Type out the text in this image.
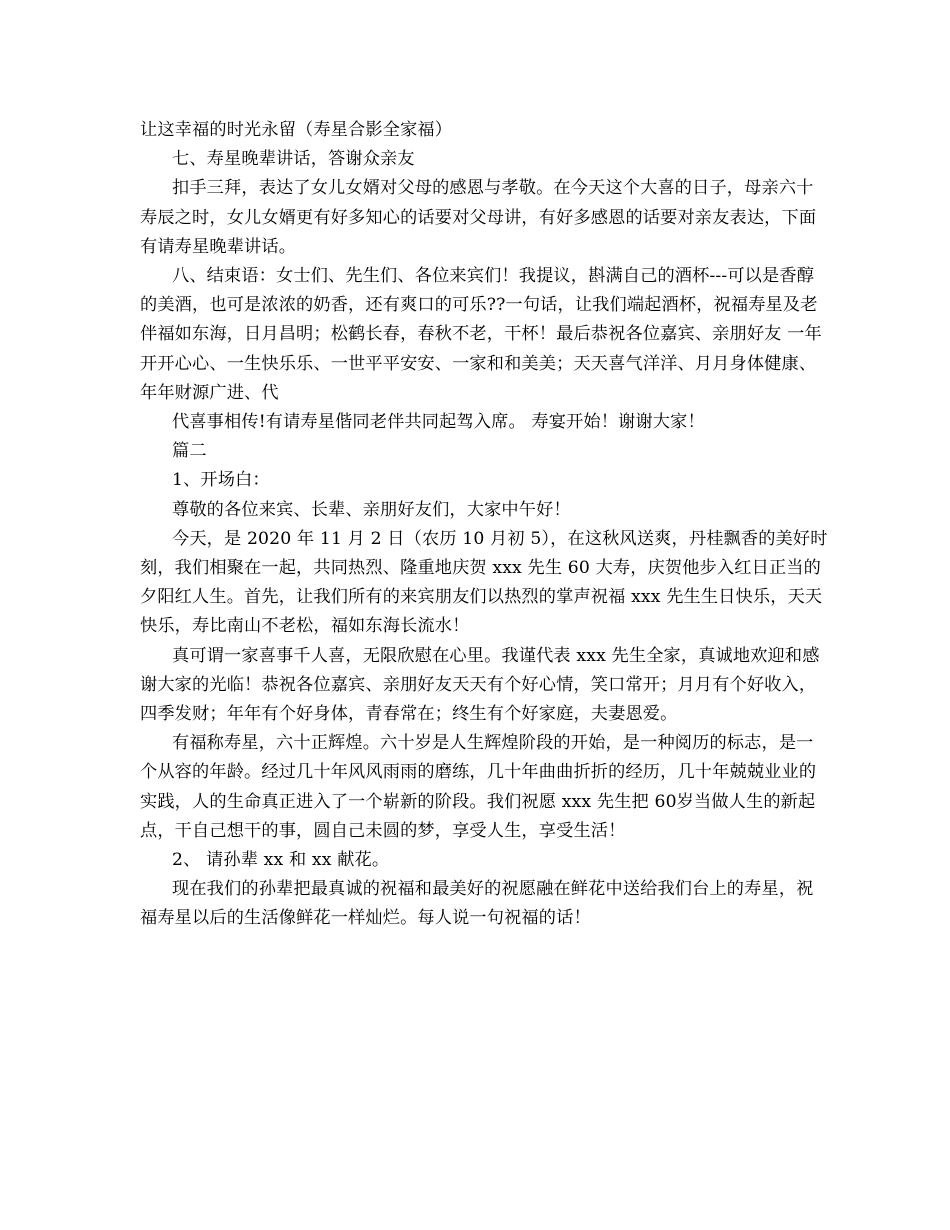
让这幸福的时光永留（寿星合影全家福）

七、寿星晚辈讲话，答谢众亲友

扣手三拜，表达了女儿女婿对父母的感恩与孝敬。在今天这个大喜的日子，母亲六十寿辰之时，女儿女婿更有好多知心的话要对父母讲，有好多感恩的话要对亲友表达，下面有请寿星晚辈讲话。

八、结束语：女士们、先生们、各位来宾们！我提议，斟满自己的酒杯---可以是香醇的美酒，也可是浓浓的奶香，还有爽口的可乐??一句话，让我们端起酒杯，祝福寿星及老伴福如东海，日月昌明；松鹤长春，春秋不老，干杯！最后恭祝各位嘉宾、亲朋好友 一年开开心心、一生快乐乐、一世平平安安、一家和和美美；天天喜气洋洋、月月身体健康、年年财源广进、代

代喜事相传!有请寿星偕同老伴共同起驾入席。 寿宴开始！谢谢大家！

篇二

1、开场白：

尊敬的各位来宾、长辈、亲朋好友们，大家中午好！

今天，是 2020 年 11 月 2 日（农历 10 月初 5），在这秋风送爽，丹桂飘香的美好时刻，我们相聚在一起，共同热烈、隆重地庆贺 xxx 先生 60 大寿，庆贺他步入红日正当的夕阳红人生。首先，让我们所有的来宾朋友们以热烈的掌声祝福 xxx 先生生日快乐，天天快乐，寿比南山不老松，福如东海长流水！

真可谓一家喜事千人喜，无限欣慰在心里。我谨代表 xxx 先生全家，真诚地欢迎和感谢大家的光临！恭祝各位嘉宾、亲朋好友天天有个好心情，笑口常开；月月有个好收入，四季发财；年年有个好身体，青春常在；终生有个好家庭，夫妻恩爱。

有福称寿星，六十正辉煌。六十岁是人生辉煌阶段的开始，是一种阅历的标志，是一个从容的年龄。经过几十年风风雨雨的磨练，几十年曲曲折折的经历，几十年兢兢业业的实践，人的生命真正进入了一个崭新的阶段。我们祝愿 xxx 先生把 60岁当做人生的新起点，干自己想干的事，圆自己未圆的梦，享受人生，享受生活！

2、 请孙辈 xx 和 xx 献花。

现在我们的孙辈把最真诚的祝福和最美好的祝愿融在鲜花中送给我们台上的寿星，祝福寿星以后的生活像鲜花一样灿烂。每人说一句祝福的话！
